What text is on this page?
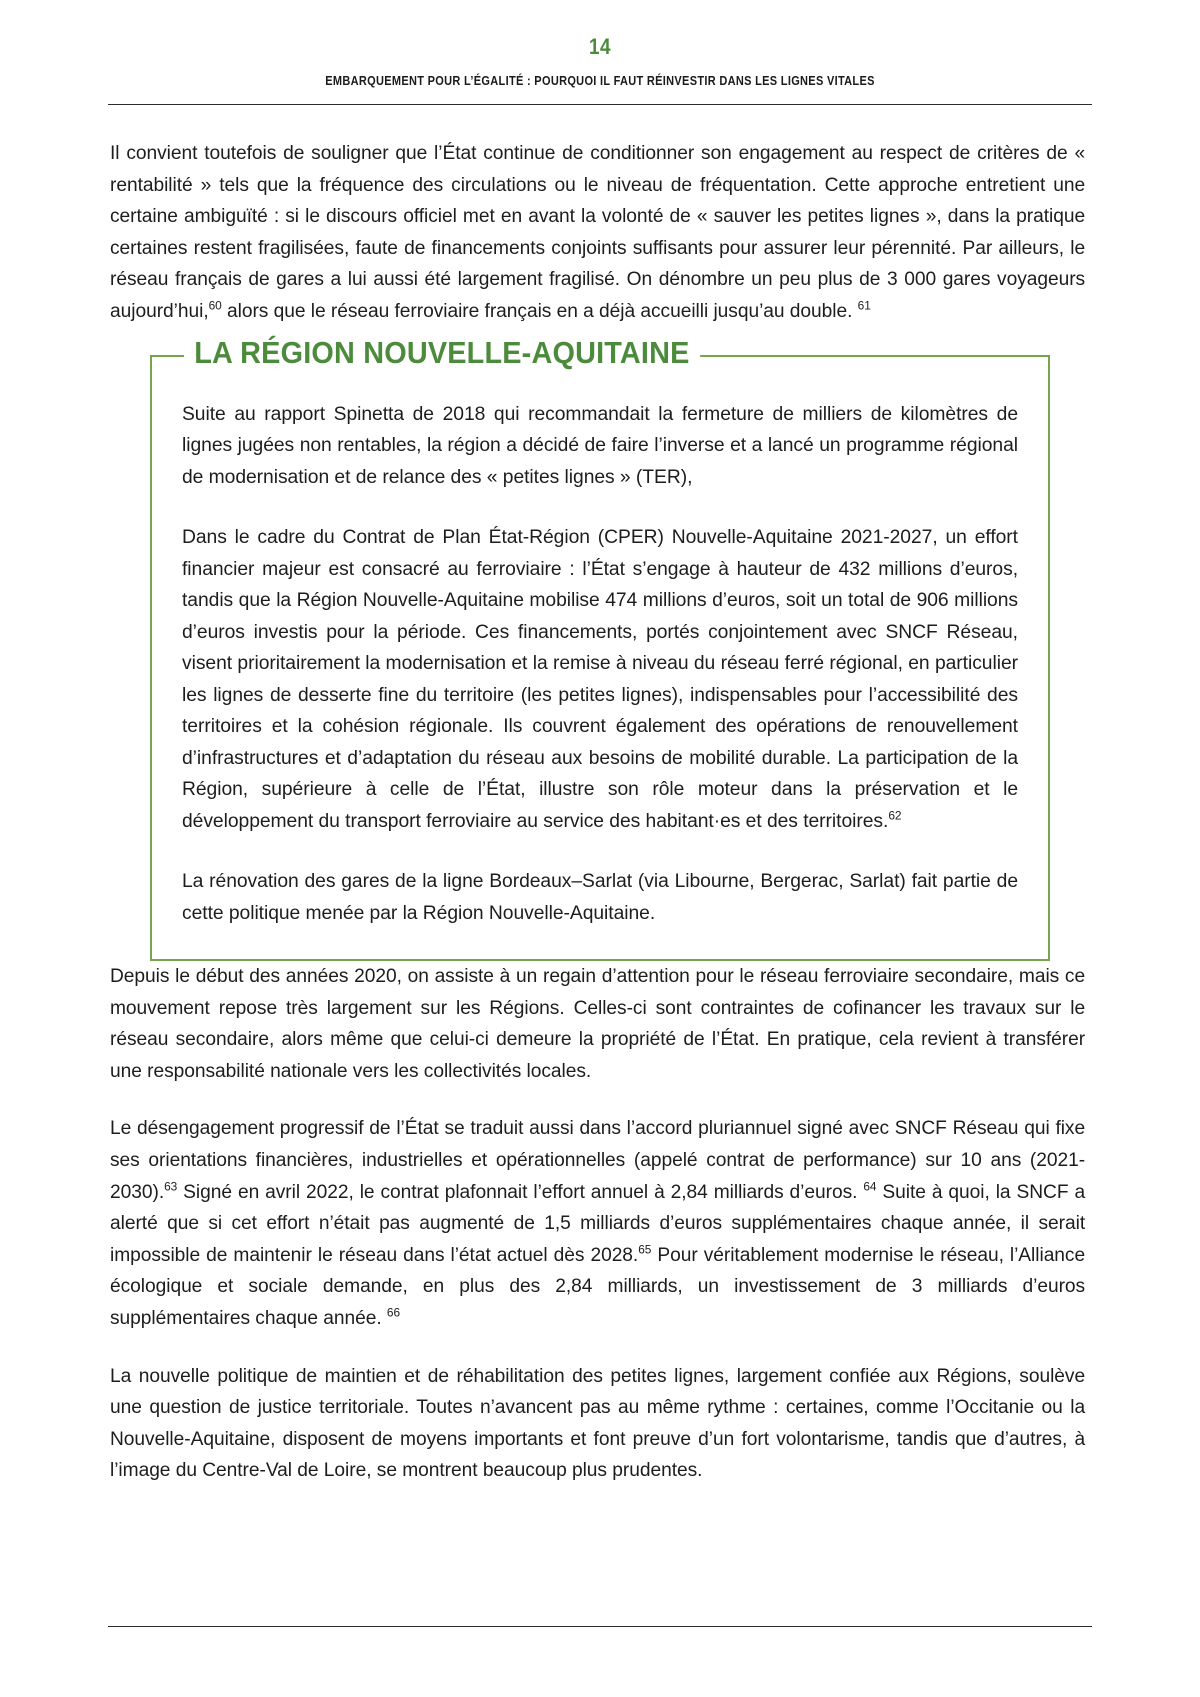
14
EMBARQUEMENT POUR L’ÉGALITÉ : POURQUOI IL FAUT RÉINVESTIR DANS LES LIGNES VITALES

Il convient toutefois de souligner que l’État continue de conditionner son engagement au respect de critères de « rentabilité » tels que la fréquence des circulations ou le niveau de fréquentation. Cette approche entretient une certaine ambiguïté : si le discours officiel met en avant la volonté de « sauver les petites lignes », dans la pratique certaines restent fragilisées, faute de financements conjoints suffisants pour assurer leur pérennité. Par ailleurs, le réseau français de gares a lui aussi été largement fragilisé. On dénombre un peu plus de 3 000 gares voyageurs aujourd’hui,$^{60}$ alors que le réseau ferroviaire français en a déjà accueilli jusqu’au double. $^{61}$

LA RÉGION NOUVELLE-AQUITAINE

Suite au rapport Spinetta de 2018 qui recommandait la fermeture de milliers de kilomètres de lignes jugées non rentables, la région a décidé de faire l’inverse et a lancé un programme régional de modernisation et de relance des « petites lignes » (TER),

Dans le cadre du Contrat de Plan État-Région (CPER) Nouvelle-Aquitaine 2021-2027, un effort financier majeur est consacré au ferroviaire : l’État s’engage à hauteur de 432 millions d’euros, tandis que la Région Nouvelle-Aquitaine mobilise 474 millions d’euros, soit un total de 906 millions d’euros investis pour la période. Ces financements, portés conjointement avec SNCF Réseau, visent prioritairement la modernisation et la remise à niveau du réseau ferré régional, en particulier les lignes de desserte fine du territoire (les petites lignes), indispensables pour l’accessibilité des territoires et la cohésion régionale. Ils couvrent également des opérations de renouvellement d’infrastructures et d’adaptation du réseau aux besoins de mobilité durable. La participation de la Région, supérieure à celle de l’État, illustre son rôle moteur dans la préservation et le développement du transport ferroviaire au service des habitant·es et des territoires.$^{62}$

La rénovation des gares de la ligne Bordeaux–Sarlat (via Libourne, Bergerac, Sarlat) fait partie de cette politique menée par la Région Nouvelle-Aquitaine.

Depuis le début des années 2020, on assiste à un regain d’attention pour le réseau ferroviaire secondaire, mais ce mouvement repose très largement sur les Régions. Celles-ci sont contraintes de cofinancer les travaux sur le réseau secondaire, alors même que celui-ci demeure la propriété de l’État. En pratique, cela revient à transférer une responsabilité nationale vers les collectivités locales.

Le désengagement progressif de l’État se traduit aussi dans l’accord pluriannuel signé avec SNCF Réseau qui fixe ses orientations financières, industrielles et opérationnelles (appelé contrat de performance) sur 10 ans (2021-2030).$^{63}$ Signé en avril 2022, le contrat plafonnait l’effort annuel à 2,84 milliards d’euros. $^{64}$ Suite à quoi, la SNCF a alerté que si cet effort n’était pas augmenté de 1,5 milliards d’euros supplémentaires chaque année, il serait impossible de maintenir le réseau dans l’état actuel dès 2028.65 Pour véritablement modernise le réseau, l’Alliance écologique et sociale demande, en plus des 2,84 milliards, un investissement de 3 milliards d’euros supplémentaires chaque année. $^{66}$

La nouvelle politique de maintien et de réhabilitation des petites lignes, largement confiée aux Régions, soulève une question de justice territoriale. Toutes n’avancent pas au même rythme : certaines, comme l’Occitanie ou la Nouvelle-Aquitaine, disposent de moyens importants et font preuve d’un fort volontarisme, tandis que d’autres, à l’image du Centre-Val de Loire, se montrent beaucoup plus prudentes.
